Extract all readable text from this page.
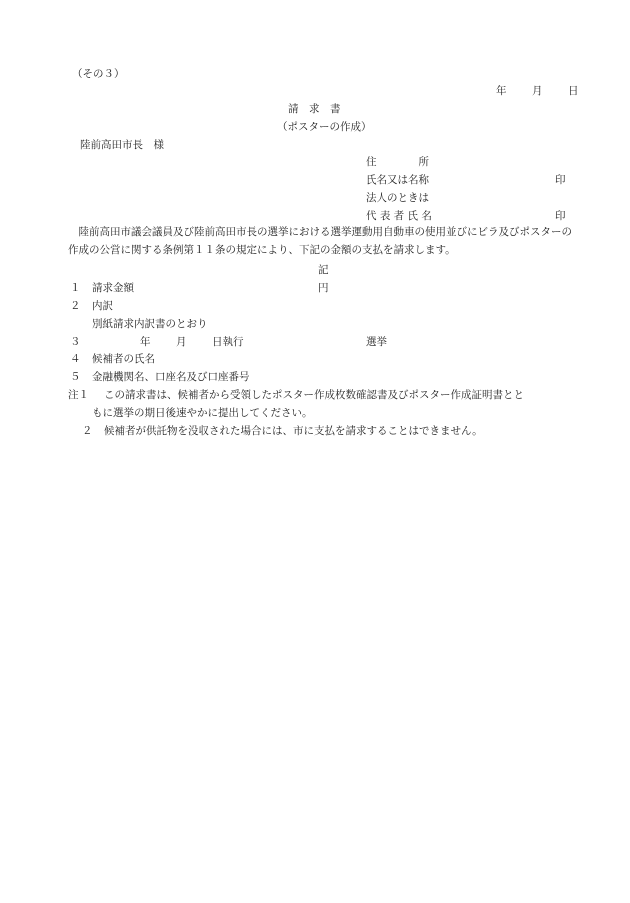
（その３）
年 月 日
請　求　書
（ポスターの作成）
陸前高田市長　様
住　　　　所
氏名又は名称	印
法人のときは
代 表 者 氏 名	印
陸前高田市議会議員及び陸前高田市長の選挙における選挙運動用自動車の使用並びにビラ及びポスターの作成の公営に関する条例第１１条の規定により、下記の金額の支払を請求します。
記
１ 請求金額	円
２ 内訳
別紙請求内訳書のとおり
３	年 月 日執行	選挙
４ 候補者の氏名
５ 金融機関名、口座名及び口座番号
注１ この請求書は、候補者から受領したポスター作成枚数確認書及びポスター作成証明書とと
もに選挙の期日後速やかに提出してください。
２ 候補者が供託物を没収された場合には、市に支払を請求することはできません。
